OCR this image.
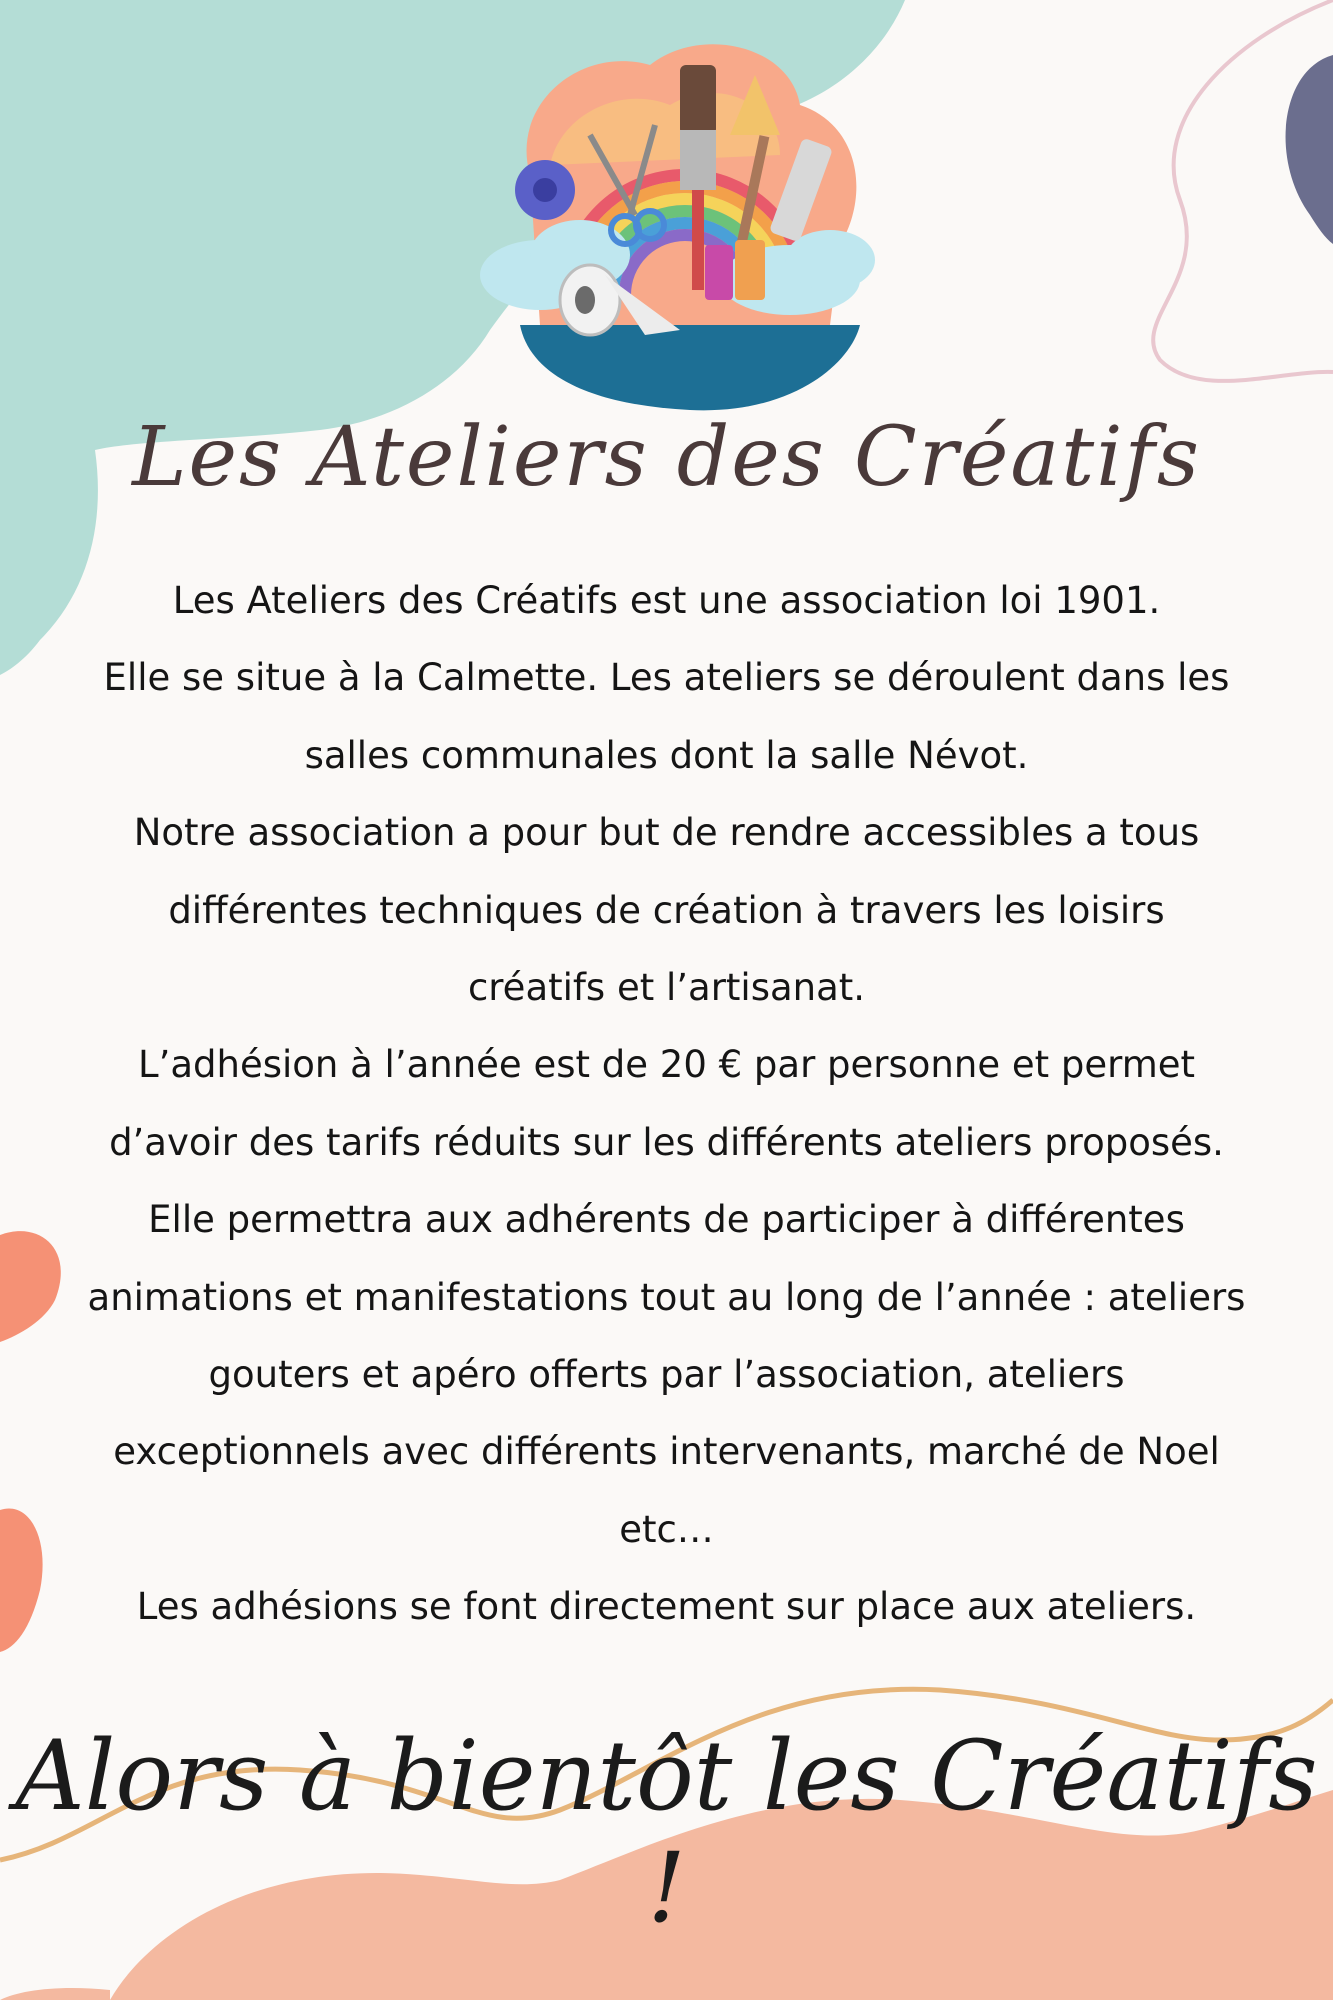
Les Ateliers des Créatifs
Les Ateliers des Créatifs est une association loi 1901.
Elle se situe à la Calmette. Les ateliers se déroulent dans les
salles communales dont la salle Névot.
Notre association a pour but de rendre accessibles a tous
différentes techniques de création à travers les loisirs
créatifs et l’artisanat.
L’adhésion à l’année est de 20 € par personne et permet
d’avoir des tarifs réduits sur les différents ateliers proposés.
Elle permettra aux adhérents de participer à différentes
animations et manifestations tout au long de l’année : ateliers
gouters et apéro offerts par l’association, ateliers
exceptionnels avec différents intervenants, marché de Noel
etc…
Les adhésions se font directement sur place aux ateliers.
Alors à bientôt les Créatifs !
